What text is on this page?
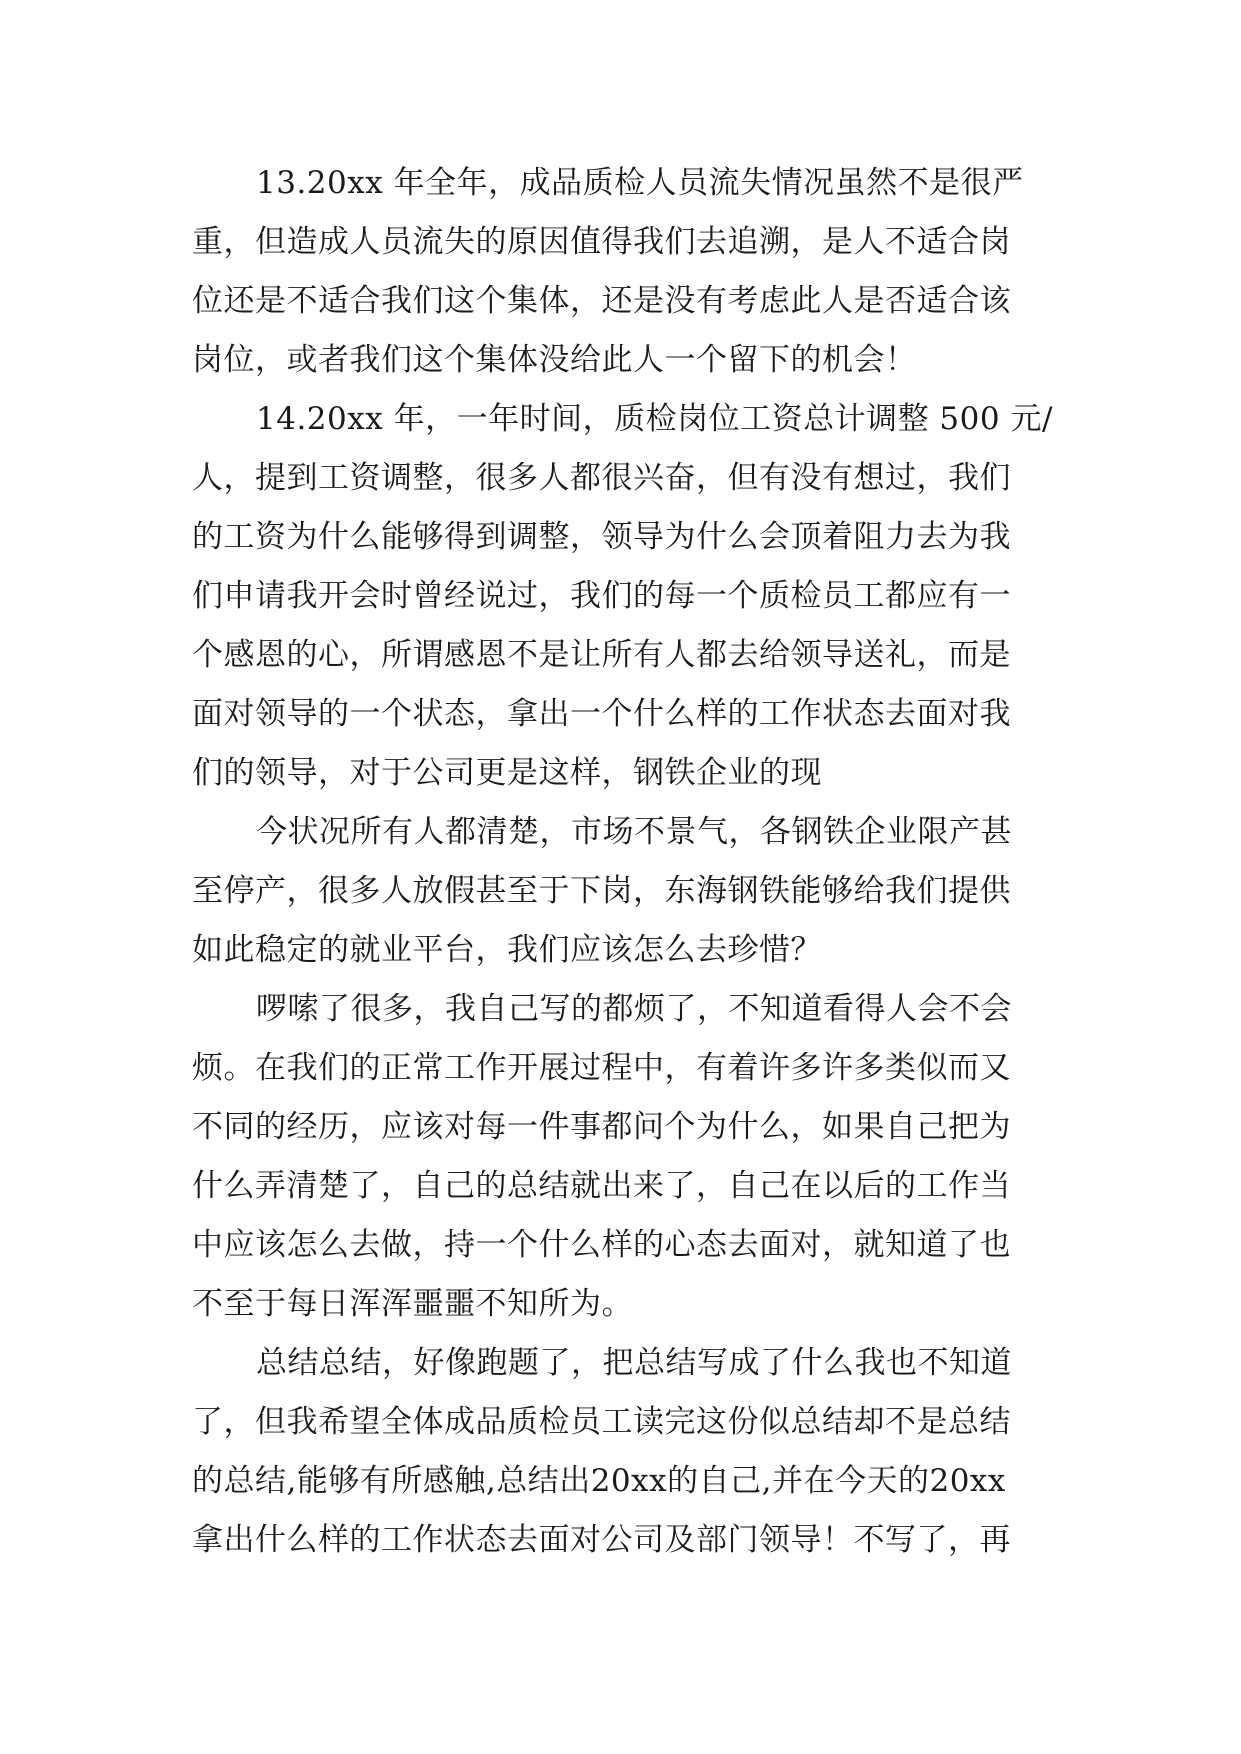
13.20xx 年全年，成品质检人员流失情况虽然不是很严
重，但造成人员流失的原因值得我们去追溯，是人不适合岗
位还是不适合我们这个集体，还是没有考虑此人是否适合该
岗位，或者我们这个集体没给此人一个留下的机会！
14.20xx 年，一年时间，质检岗位工资总计调整 500 元/
人，提到工资调整，很多人都很兴奋，但有没有想过，我们
的工资为什么能够得到调整，领导为什么会顶着阻力去为我
们申请我开会时曾经说过，我们的每一个质检员工都应有一
个感恩的心，所谓感恩不是让所有人都去给领导送礼，而是
面对领导的一个状态，拿出一个什么样的工作状态去面对我
们的领导，对于公司更是这样，钢铁企业的现
今状况所有人都清楚，市场不景气，各钢铁企业限产甚
至停产，很多人放假甚至于下岗，东海钢铁能够给我们提供
如此稳定的就业平台，我们应该怎么去珍惜？
啰嗦了很多，我自己写的都烦了，不知道看得人会不会
烦。在我们的正常工作开展过程中，有着许多许多类似而又
不同的经历，应该对每一件事都问个为什么，如果自己把为
什么弄清楚了，自己的总结就出来了，自己在以后的工作当
中应该怎么去做，持一个什么样的心态去面对，就知道了也
不至于每日浑浑噩噩不知所为。
总结总结，好像跑题了，把总结写成了什么我也不知道
了，但我希望全体成品质检员工读完这份似总结却不是总结
的总结,能够有所感触,总结出20xx的自己,并在今天的20xx
拿出什么样的工作状态去面对公司及部门领导！不写了，再
